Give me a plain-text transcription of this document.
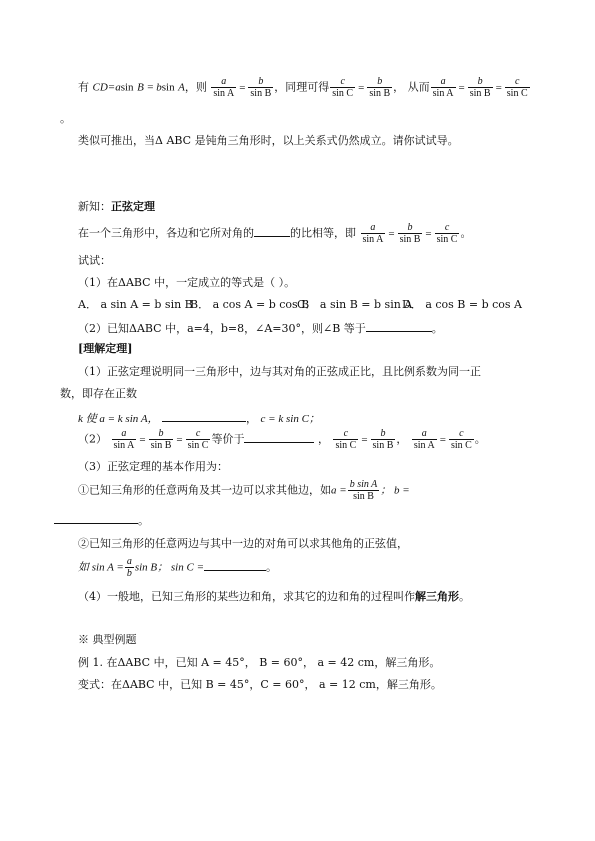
有 CD=asin B = bsin A，则 $\frac{a}{\text{sin A}} = \frac{b}{\text{sin B}}$ ，同理可得 $\frac{c}{\text{sin C}} = \frac{b}{\text{sin B}}$ ， 从而 $\frac{a}{\text{sin A}} = \frac{b}{\text{sin B}} = \frac{c}{\text{sin C}}$
。
类似可推出，当Δ ABC 是钝角三角形时，以上关系式仍然成立。请你试试导。
新知：正弦定理
在一个三角形中，各边和它所对角的	的比相等，即 $\frac{a}{\text{sin A}} = \frac{b}{\text{sin B}} = \frac{c}{\text{sin C}}$ 。
试试：
（1）在ΔABC 中，一定成立的等式是（ ）。
A． a sin A = b sin B
B． a cos A = b cos B
C． a sin B = b sin A
D． a cos B = b cos A
（2）已知ΔABC 中，a=4，b=8，∠A=30°，则∠B 等于	。
[理解定理]
（1）正弦定理说明同一三角形中，边与其对角的正弦成正比，且比例系数为同一正
数，即存在正数
k 使 a = k sin A，	， c = k sin C；
$(2) \frac{a}{\text{sin A}} = \frac{b}{\text{sin B}} = \frac{c}{\text{sin C}}$ 等价于	， $\frac{c}{\text{sin C}} = \frac{b}{\text{sin B}}$ ， $\frac{a}{\text{sin A}} = \frac{c}{\text{sin C}}$ 。
（3）正弦定理的基本作用为：
①已知三角形的任意两角及其一边可以求其他边，如$a = \frac{\text{b sin A}}{\text{sin B}}$ ； b =
。
②已知三角形的任意两边与其中一边的对角可以求其他角的正弦值，
如 $\sin A = \frac{a}{b}$ sin B； sin C =	。
（4）一般地，已知三角形的某些边和角，求其它的边和角的过程叫作解三角形。
※ 典型例题
例 1. 在ΔABC 中，已知 A = 45°， B = 60°， a = 42 cm，解三角形。
变式：在ΔABC 中，已知 B = 45°，C = 60°， a = 12 cm，解三角形。
